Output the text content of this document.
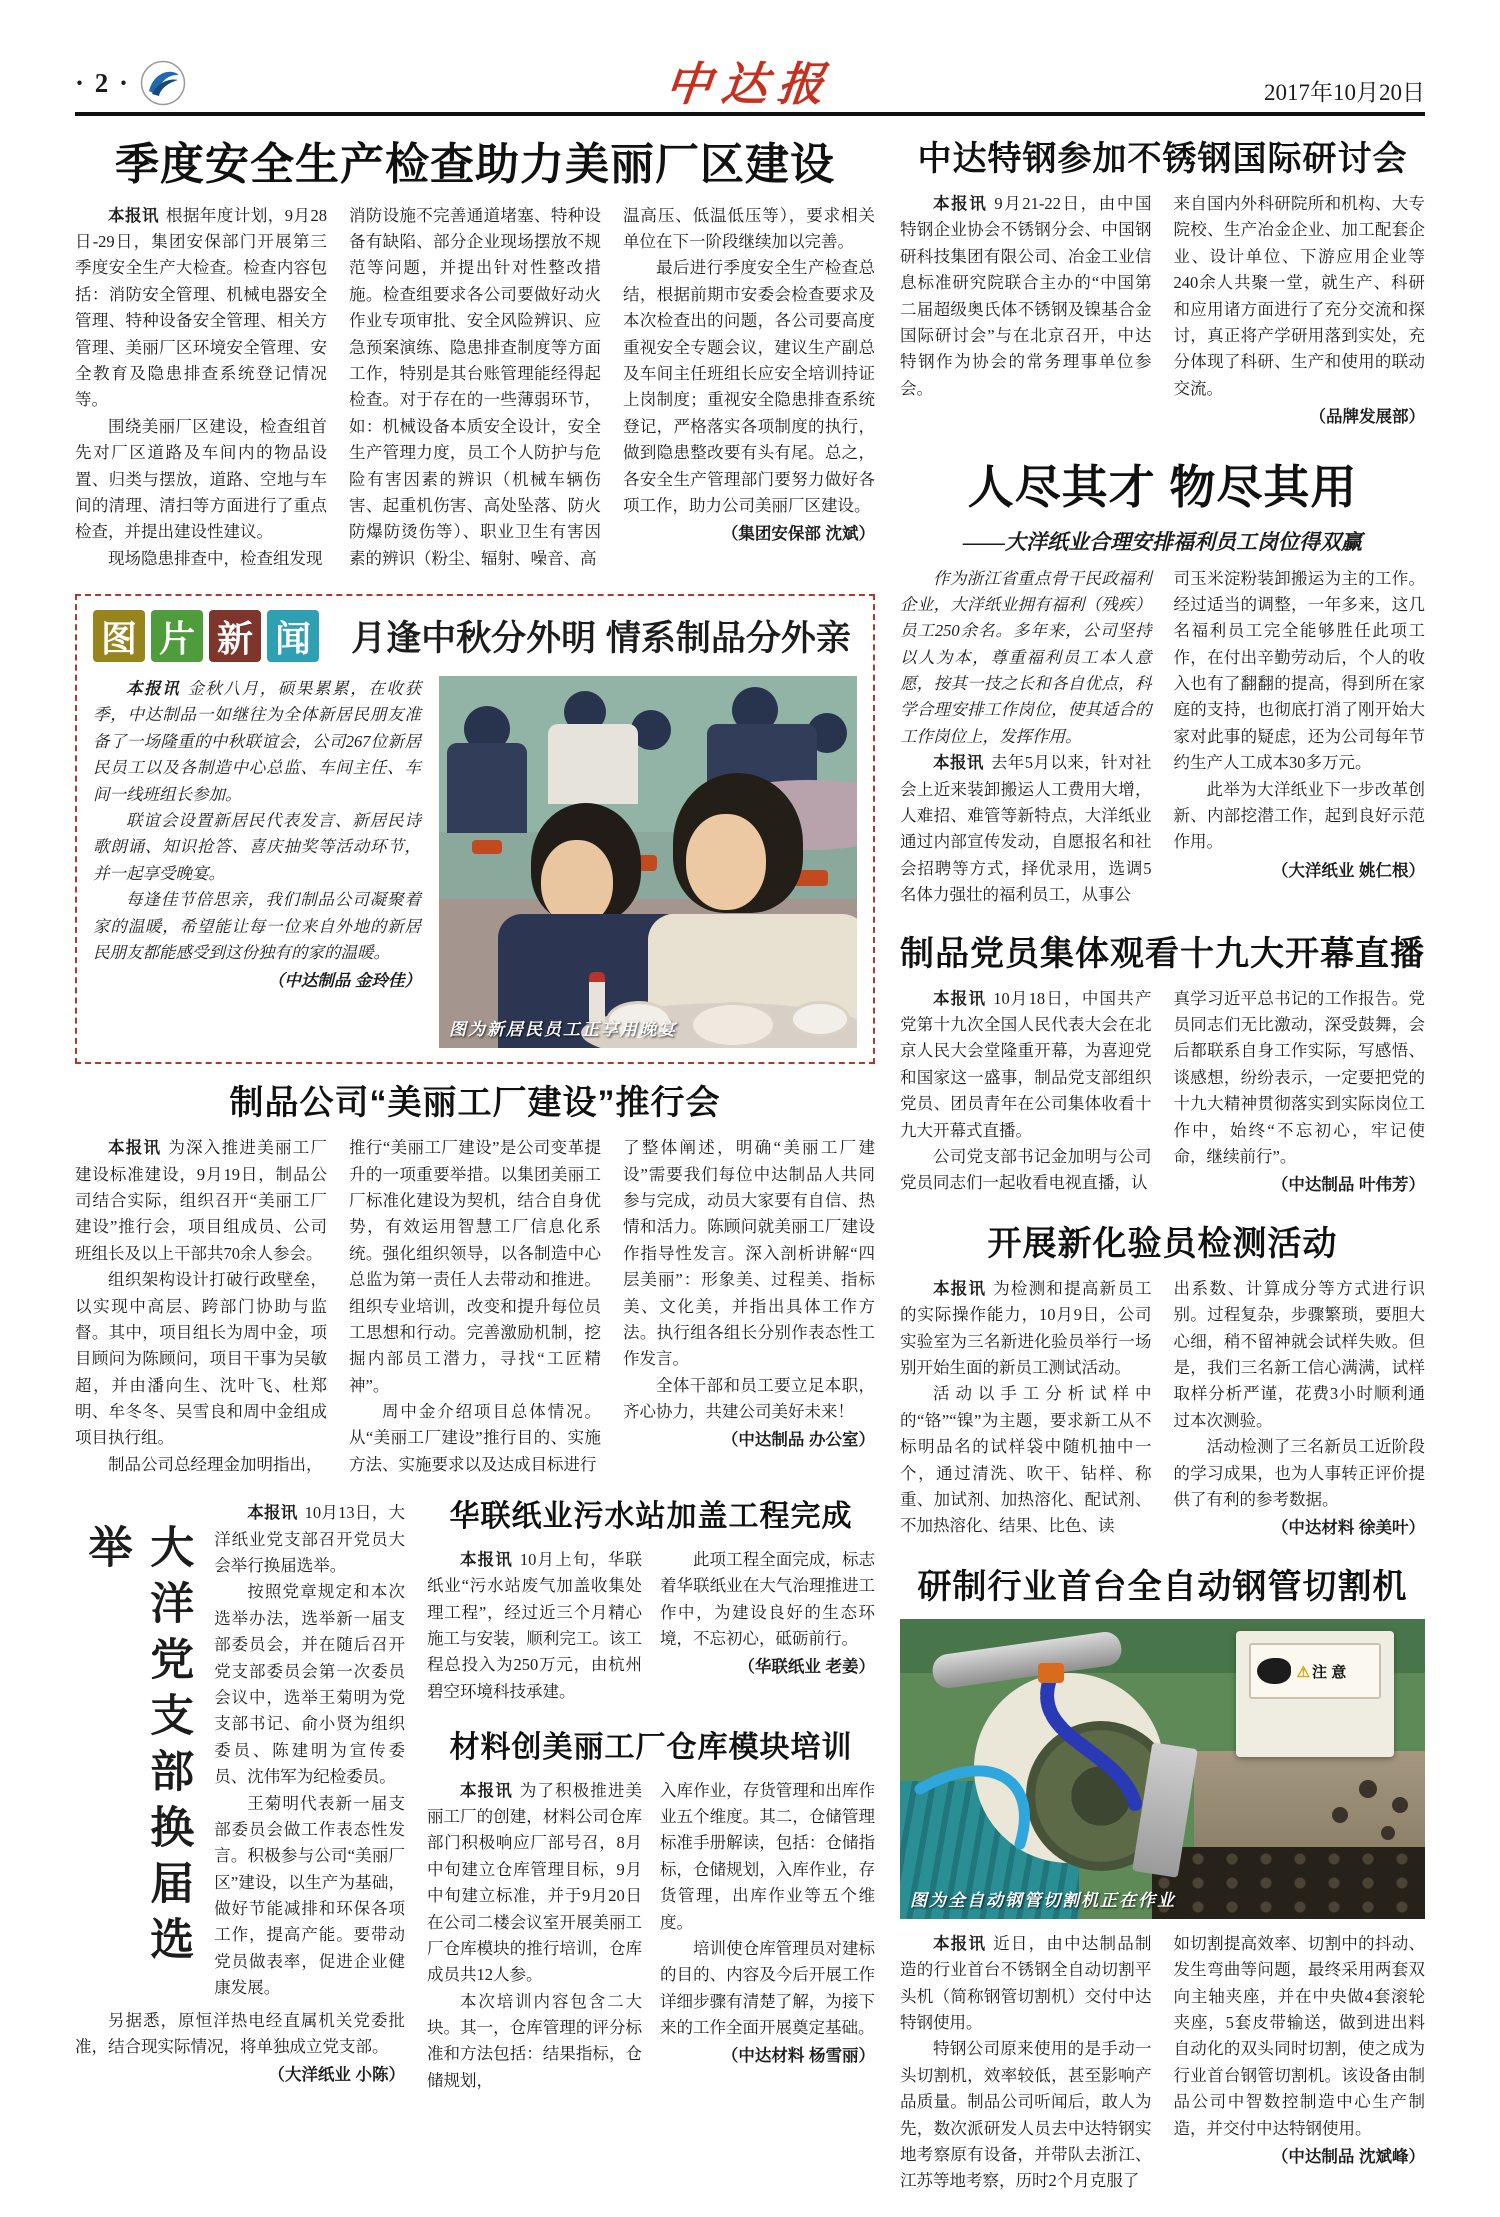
· 2 ·	中达报	2017年10月20日
季度安全生产检查助力美丽厂区建设

本报讯 根据年度计划，9月28日-29日，集团安保部门开展第三季度安全生产大检查。检查内容包括：消防安全管理、机械电器安全管理、特种设备安全管理、相关方管理、美丽厂区环境安全管理、安全教育及隐患排查系统登记情况等。

围绕美丽厂区建设，检查组首先对厂区道路及车间内的物品设置、归类与摆放，道路、空地与车间的清理、清扫等方面进行了重点检查，并提出建设性建议。

现场隐患排查中，检查组发现

消防设施不完善通道堵塞、特种设备有缺陷、部分企业现场摆放不规范等问题，并提出针对性整改措施。检查组要求各公司要做好动火作业专项审批、安全风险辨识、应急预案演练、隐患排查制度等方面工作，特别是其台账管理能经得起检查。对于存在的一些薄弱环节，如：机械设备本质安全设计，安全生产管理力度，员工个人防护与危险有害因素的辨识（机械车辆伤害、起重机伤害、高处坠落、防火防爆防烫伤等）、职业卫生有害因素的辨识（粉尘、辐射、噪音、高

温高压、低温低压等），要求相关单位在下一阶段继续加以完善。

最后进行季度安全生产检查总结，根据前期市安委会检查要求及本次检查出的问题，各公司要高度重视安全专题会议，建议生产副总及车间主任班组长应安全培训持证上岗制度；重视安全隐患排查系统登记，严格落实各项制度的执行，做到隐患整改要有头有尾。总之，各安全生产管理部门要努力做好各项工作，助力公司美丽厂区建设。

（集团安保部 沈斌）

图 片 新 闻 月逢中秋分外明 情系制品分外亲

本报讯 金秋八月，硕果累累，在收获季，中达制品一如继往为全体新居民朋友准备了一场隆重的中秋联谊会，公司267位新居民员工以及各制造中心总监、车间主任、车间一线班组长参加。

联谊会设置新居民代表发言、新居民诗歌朗诵、知识抢答、喜庆抽奖等活动环节，并一起享受晚宴。

每逢佳节倍思亲，我们制品公司凝聚着家的温暖，希望能让每一位来自外地的新居民朋友都能感受到这份独有的家的温暖。

（中达制品 金玲佳）

图为新居民员工正享用晚宴
制品公司“美丽工厂建设”推行会

本报讯 为深入推进美丽工厂建设标准建设，9月19日，制品公司结合实际，组织召开“美丽工厂建设”推行会，项目组成员、公司班组长及以上干部共70余人参会。

组织架构设计打破行政壁垒，以实现中高层、跨部门协助与监督。其中，项目组长为周中金，项目顾问为陈顾问，项目干事为吴敏超，并由潘向生、沈叶飞、杜郑明、牟冬冬、吴雪良和周中金组成项目执行组。

制品公司总经理金加明指出，

推行“美丽工厂建设”是公司变革提升的一项重要举措。以集团美丽工厂标准化建设为契机，结合自身优势，有效运用智慧工厂信息化系统。强化组织领导，以各制造中心总监为第一责任人去带动和推进。组织专业培训，改变和提升每位员工思想和行动。完善激励机制，挖掘内部员工潜力，寻找“工匠精神”。

周中金介绍项目总体情况。从“美丽工厂建设”推行目的、实施方法、实施要求以及达成目标进行

了整体阐述，明确“美丽工厂建设”需要我们每位中达制品人共同参与完成，动员大家要有自信、热情和活力。陈顾问就美丽工厂建设作指导性发言。深入剖析讲解“四层美丽”：形象美、过程美、指标美、文化美，并指出具体工作方法。执行组各组长分别作表态性工作发言。

全体干部和员工要立足本职，齐心协力，共建公司美好未来！

（中达制品 办公室）

大洋党支部换届选举

本报讯 10月13日，大洋纸业党支部召开党员大会举行换届选举。

按照党章规定和本次选举办法，选举新一届支部委员会，并在随后召开党支部委员会第一次委员会议中，选举王菊明为党支部书记、俞小贤为组织委员、陈建明为宣传委员、沈伟军为纪检委员。

王菊明代表新一届支部委员会做工作表态性发言。积极参与公司“美丽厂区”建设，以生产为基础，做好节能减排和环保各项工作，提高产能。要带动党员做表率，促进企业健康发展。

另据悉，原恒洋热电经直属机关党委批准，结合现实际情况，将单独成立党支部。

（大洋纸业 小陈）

华联纸业污水站加盖工程完成

本报讯 10月上旬，华联纸业“污水站废气加盖收集处理工程”，经过近三个月精心施工与安装，顺利完工。该工程总投入为250万元，由杭州碧空环境科技承建。

此项工程全面完成，标志着华联纸业在大气治理推进工作中，为建设良好的生态环境，不忘初心，砥砺前行。

（华联纸业 老姜）

材料创美丽工厂仓库模块培训

本报讯 为了积极推进美丽工厂的创建，材料公司仓库部门积极响应厂部号召，8月中旬建立仓库管理目标，9月中旬建立标准，并于9月20日在公司二楼会议室开展美丽工厂仓库模块的推行培训，仓库成员共12人参。

本次培训内容包含二大块。其一，仓库管理的评分标准和方法包括：结果指标，仓储规划，

入库作业，存货管理和出库作业五个维度。其二，仓储管理标准手册解读，包括：仓储指标，仓储规划，入库作业，存货管理，出库作业等五个维度。

培训使仓库管理员对建标的目的、内容及今后开展工作详细步骤有清楚了解，为接下来的工作全面开展奠定基础。

（中达材料 杨雪丽）

中达特钢参加不锈钢国际研讨会

本报讯 9月21-22日，由中国特钢企业协会不锈钢分会、中国钢研科技集团有限公司、冶金工业信息标准研究院联合主办的“中国第二届超级奥氏体不锈钢及镍基合金国际研讨会”与在北京召开，中达特钢作为协会的常务理事单位参会。

来自国内外科研院所和机构、大专院校、生产冶金企业、加工配套企业、设计单位、下游应用企业等240余人共聚一堂，就生产、科研和应用诸方面进行了充分交流和探讨，真正将产学研用落到实处，充分体现了科研、生产和使用的联动交流。

（品牌发展部）

人尽其才 物尽其用

——大洋纸业合理安排福利员工岗位得双赢

作为浙江省重点骨干民政福利企业，大洋纸业拥有福利（残疾）员工250余名。多年来，公司坚持以人为本，尊重福利员工本人意愿，按其一技之长和各自优点，科学合理安排工作岗位，使其适合的工作岗位上，发挥作用。

本报讯 去年5月以来，针对社会上近来装卸搬运人工费用大增，人难招、难管等新特点，大洋纸业通过内部宣传发动，自愿报名和社会招聘等方式，择优录用，选调5名体力强壮的福利员工，从事公

司玉米淀粉装卸搬运为主的工作。经过适当的调整，一年多来，这几名福利员工完全能够胜任此项工作，在付出辛勤劳动后，个人的收入也有了翻翻的提高，得到所在家庭的支持，也彻底打消了刚开始大家对此事的疑虑，还为公司每年节约生产人工成本30多万元。

此举为大洋纸业下一步改革创新、内部挖潜工作，起到良好示范作用。

（大洋纸业 姚仁根）

制品党员集体观看十九大开幕直播

本报讯 10月18日，中国共产党第十九次全国人民代表大会在北京人民大会堂隆重开幕，为喜迎党和国家这一盛事，制品党支部组织党员、团员青年在公司集体收看十九大开幕式直播。

公司党支部书记金加明与公司党员同志们一起收看电视直播，认

真学习近平总书记的工作报告。党员同志们无比激动，深受鼓舞，会后都联系自身工作实际，写感悟、谈感想，纷纷表示，一定要把党的十九大精神贯彻落实到实际岗位工作中，始终“不忘初心，牢记使命，继续前行”。

（中达制品 叶伟芳）

开展新化验员检测活动

本报讯 为检测和提高新员工的实际操作能力，10月9日，公司实验室为三名新进化验员举行一场别开始生面的新员工测试活动。

活动以手工分析试样中的“铬”“镍”为主题，要求新工从不标明品名的试样袋中随机抽中一个，通过清洗、吹干、钻样、称重、加试剂、加热溶化、配试剂、不加热溶化、结果、比色、读

出系数、计算成分等方式进行识别。过程复杂，步骤繁琐，要胆大心细，稍不留神就会试样失败。但是，我们三名新工信心满满，试样取样分析严谨，花费3小时顺利通过本次测验。

活动检测了三名新员工近阶段的学习成果，也为人事转正评价提供了有利的参考数据。

（中达材料 徐美叶）

研制行业首台全自动钢管切割机
⚠ 注 意
图为全自动钢管切割机正在作业

本报讯 近日，由中达制品制造的行业首台不锈钢全自动切割平头机（简称钢管切割机）交付中达特钢使用。

特钢公司原来使用的是手动一头切割机，效率较低，甚至影响产品质量。制品公司听闻后，敢人为先，数次派研发人员去中达特钢实地考察原有设备，并带队去浙江、江苏等地考察，历时2个月克服了

如切割提高效率、切割中的抖动、发生弯曲等问题，最终采用两套双向主轴夹座，并在中央做4套滚轮夹座，5套皮带输送，做到进出料自动化的双头同时切割，使之成为行业首台钢管切割机。该设备由制品公司中智数控制造中心生产制造，并交付中达特钢使用。

（中达制品 沈斌峰）
